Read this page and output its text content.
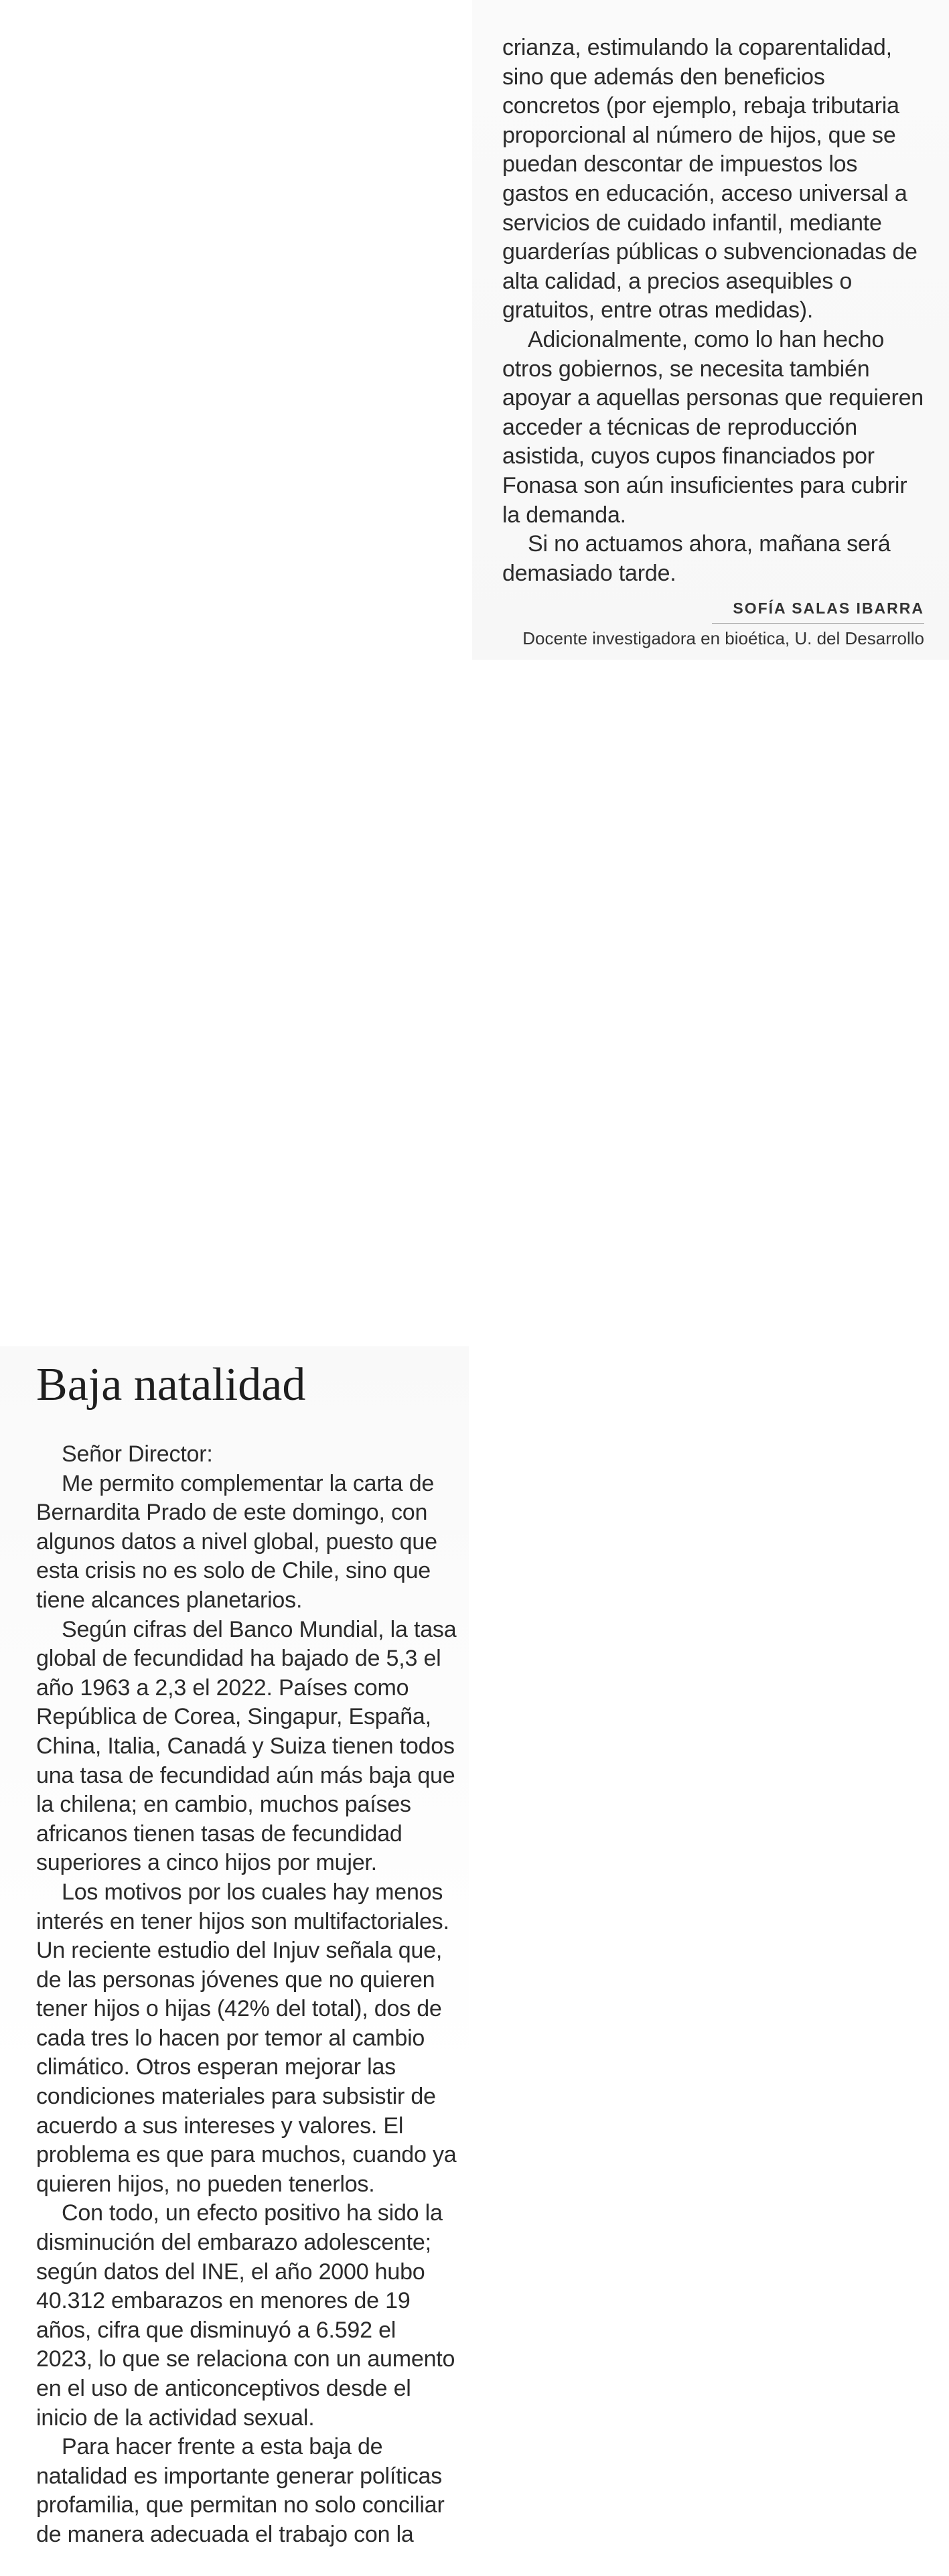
crianza, estimulando la coparentalidad, sino que además den beneficios concretos (por ejemplo, rebaja tributaria proporcional al número de hijos, que se puedan descontar de impuestos los gastos en educación, acceso universal a servicios de cuidado infantil, mediante guarderías públicas o subvencionadas de alta calidad, a precios asequibles o gratuitos, entre otras medidas).

Adicionalmente, como lo han hecho otros gobiernos, se necesita también apoyar a aquellas personas que requieren acceder a técnicas de reproducción asistida, cuyos cupos financiados por Fonasa son aún insuficientes para cubrir la demanda.

Si no actuamos ahora, mañana será demasiado tarde.

SOFÍA SALAS IBARRA
Docente investigadora en bioética, U. del Desarrollo
Baja natalidad

Señor Director:

Me permito complementar la carta de Bernardita Prado de este domingo, con algunos datos a nivel global, puesto que esta crisis no es solo de Chile, sino que tiene alcances planetarios.

Según cifras del Banco Mundial, la tasa global de fecundidad ha bajado de 5,3 el año 1963 a 2,3 el 2022. Países como República de Corea, Singapur, España, China, Italia, Canadá y Suiza tienen todos una tasa de fecundidad aún más baja que la chilena; en cambio, muchos países africanos tienen tasas de fecundidad superiores a cinco hijos por mujer.

Los motivos por los cuales hay menos interés en tener hijos son multifactoriales. Un reciente estudio del Injuv señala que, de las personas jóvenes que no quieren tener hijos o hijas (42% del total), dos de cada tres lo hacen por temor al cambio climático. Otros esperan mejorar las condiciones materiales para subsistir de acuerdo a sus intereses y valores. El problema es que para muchos, cuando ya quieren hijos, no pueden tenerlos.

Con todo, un efecto positivo ha sido la disminución del embarazo adolescente; según datos del INE, el año 2000 hubo 40.312 embarazos en menores de 19 años, cifra que disminuyó a 6.592 el 2023, lo que se relaciona con un aumento en el uso de anticonceptivos desde el inicio de la actividad sexual.

Para hacer frente a esta baja de natalidad es importante generar políticas profamilia, que permitan no solo conciliar de manera adecuada el trabajo con la
